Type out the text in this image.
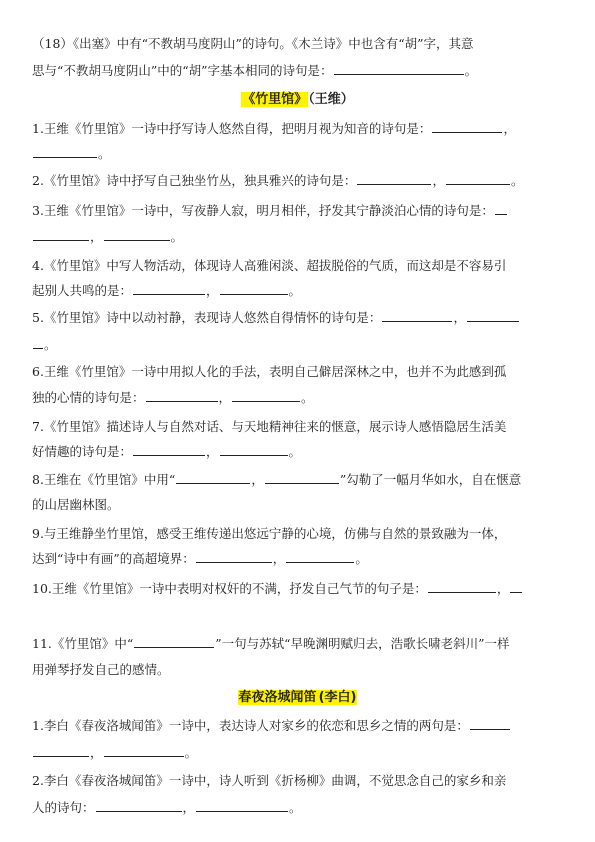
（18）《出塞》中有“不教胡马度阴山”的诗句。《木兰诗》中也含有“胡”字，其意
思与“不教胡马度阴山”中的“胡”字基本相同的诗句是：	。
《竹里馆》（王维）
1.王维《竹里馆》一诗中抒写诗人悠然自得，把明月视为知音的诗句是：	，
。
2.《竹里馆》诗中抒写自己独坐竹丛，独具雅兴的诗句是：	，	。
3.王维《竹里馆》一诗中，写夜静人寂，明月相伴，抒发其宁静淡泊心情的诗句是：
，	。
4.《竹里馆》中写人物活动，体现诗人高雅闲淡、超拔脱俗的气质，而这却是不容易引
起别人共鸣的是：	，	。
5.《竹里馆》诗中以动衬静，表现诗人悠然自得情怀的诗句是：	，
。
6.王维《竹里馆》一诗中用拟人化的手法，表明自己僻居深林之中，也并不为此感到孤
独的心情的诗句是：	，	。
7.《竹里馆》描述诗人与自然对话、与天地精神往来的惬意，展示诗人感悟隐居生活美
好情趣的诗句是：	，	。
8.王维在《竹里馆》中用“	，	”勾勒了一幅月华如水，自在惬意
的山居幽林图。
9.与王维静坐竹里馆，感受王维传递出悠远宁静的心境，仿佛与自然的景致融为一体，
达到“诗中有画”的高超境界：	，	。
10.王维《竹里馆》一诗中表明对权奸的不满，抒发自己气节的句子是：	，
11.《竹里馆》中“	”一句与苏轼“早晚渊明赋归去，浩歌长啸老斜川”一样
用弹琴抒发自己的感情。
春夜洛城闻笛 (李白)
1.李白《春夜洛城闻笛》一诗中，表达诗人对家乡的依恋和思乡之情的两句是：
，	。
2.李白《春夜洛城闻笛》一诗中，诗人听到《折杨柳》曲调，不觉思念自己的家乡和亲
人的诗句：	，	。
